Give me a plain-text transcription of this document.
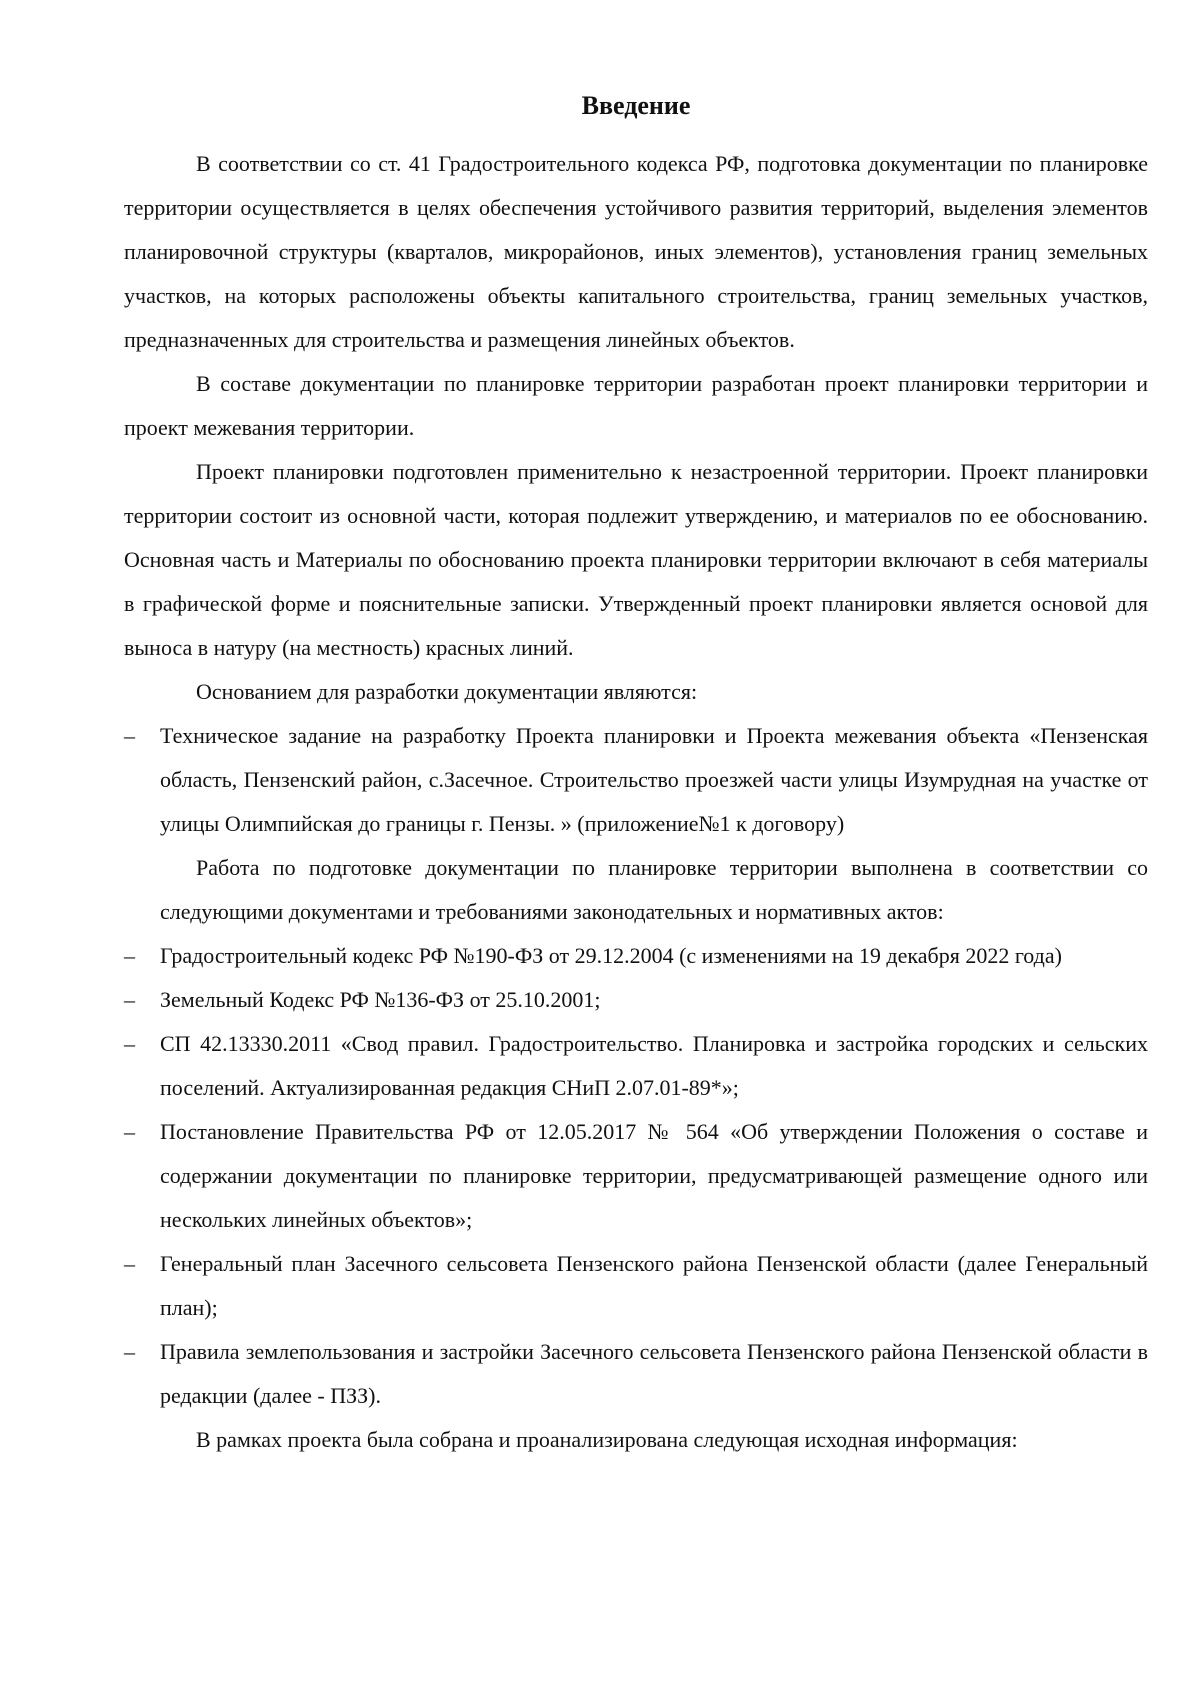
Введение

В соответствии со ст. 41 Градостроительного кодекса РФ, подготовка документации по планировке территории осуществляется в целях обеспечения устойчивого развития территорий, выделения элементов планировочной структуры (кварталов, микрорайонов, иных элементов), установления границ земельных участков, на которых расположены объекты капитального строительства, границ земельных участков, предназначенных для строительства и размещения линейных объектов.

В составе документации по планировке территории разработан проект планировки территории и проект межевания территории.

Проект планировки подготовлен применительно к незастроенной территории. Проект планировки территории состоит из основной части, которая подлежит утверждению, и материалов по ее обоснованию. Основная часть и Материалы по обоснованию проекта планировки территории включают в себя материалы в графической форме и пояснительные записки. Утвержденный проект планировки является основой для выноса в натуру (на местность) красных линий.

Основанием для разработки документации являются:

– Техническое задание на разработку Проекта планировки и Проекта межевания объекта «Пензенская область, Пензенский район, с.Засечное. Строительство проезжей части улицы Изумрудная на участке от улицы Олимпийская до границы г. Пензы. » (приложение№1 к договору)

Работа по подготовке документации по планировке территории выполнена в соответствии со следующими документами и требованиями законодательных и нормативных актов:

– Градостроительный кодекс РФ №190-ФЗ от 29.12.2004 (с изменениями на 19 декабря 2022 года)
– Земельный Кодекс РФ №136-ФЗ от 25.10.2001;
– СП 42.13330.2011 «Свод правил. Градостроительство. Планировка и застройка городских и сельских поселений. Актуализированная редакция СНиП 2.07.01-89*»;
– Постановление Правительства РФ от 12.05.2017 № 564 «Об утверждении Положения о составе и содержании документации по планировке территории, предусматривающей размещение одного или нескольких линейных объектов»;
– Генеральный план Засечного сельсовета Пензенского района Пензенской области (далее Генеральный план);
– Правила землепользования и застройки Засечного сельсовета Пензенского района Пензенской области в редакции (далее - ПЗЗ).

В рамках проекта была собрана и проанализирована следующая исходная информация:
